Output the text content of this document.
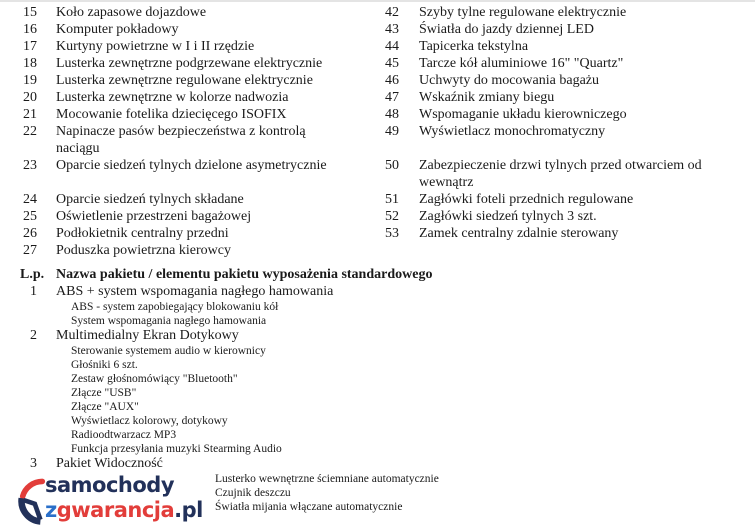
15 Koło zapasowe dojazdowe
16 Komputer pokładowy
17 Kurtyny powietrzne w I i II rzędzie
18 Lusterka zewnętrzne podgrzewane elektrycznie
19 Lusterka zewnętrzne regulowane elektrycznie
20 Lusterka zewnętrzne w kolorze nadwozia
21 Mocowanie fotelika dziecięcego ISOFIX
22 Napinacze pasów bezpieczeństwa z kontrolą naciągu
23 Oparcie siedzeń tylnych dzielone asymetrycznie
24 Oparcie siedzeń tylnych składane
25 Oświetlenie przestrzeni bagażowej
26 Podłokietnik centralny przedni
27 Poduszka powietrzna kierowcy
42 Szyby tylne regulowane elektrycznie
43 Światła do jazdy dziennej LED
44 Tapicerka tekstylna
45 Tarcze kół aluminiowe 16" "Quartz"
46 Uchwyty do mocowania bagażu
47 Wskaźnik zmiany biegu
48 Wspomaganie układu kierowniczego
49 Wyświetlacz monochromatyczny
50 Zabezpieczenie drzwi tylnych przed otwarciem od wewnątrz
51 Zagłówki foteli przednich regulowane
52 Zagłówki siedzeń tylnych 3 szt.
53 Zamek centralny zdalnie sterowany
L.p. Nazwa pakietu / elementu pakietu wyposażenia standardowego
1 ABS + system wspomagania nagłego hamowania
ABS - system zapobiegający blokowaniu kół
System wspomagania nagłego hamowania
2 Multimedialny Ekran Dotykowy
Sterowanie systemem audio w kierownicy
Głośniki 6 szt.
Zestaw głośnomówiący "Bluetooth"
Złącze "USB"
Złącze "AUX"
Wyświetlacz kolorowy, dotykowy
Radioodtwarzacz MP3
Funkcja przesyłania muzyki Stearming Audio
3 Pakiet Widoczność
Lusterko wewnętrzne ściemniane automatycznie
Czujnik deszczu
Światła mijania włączane automatycznie
samochody
zgwarancja.pl
